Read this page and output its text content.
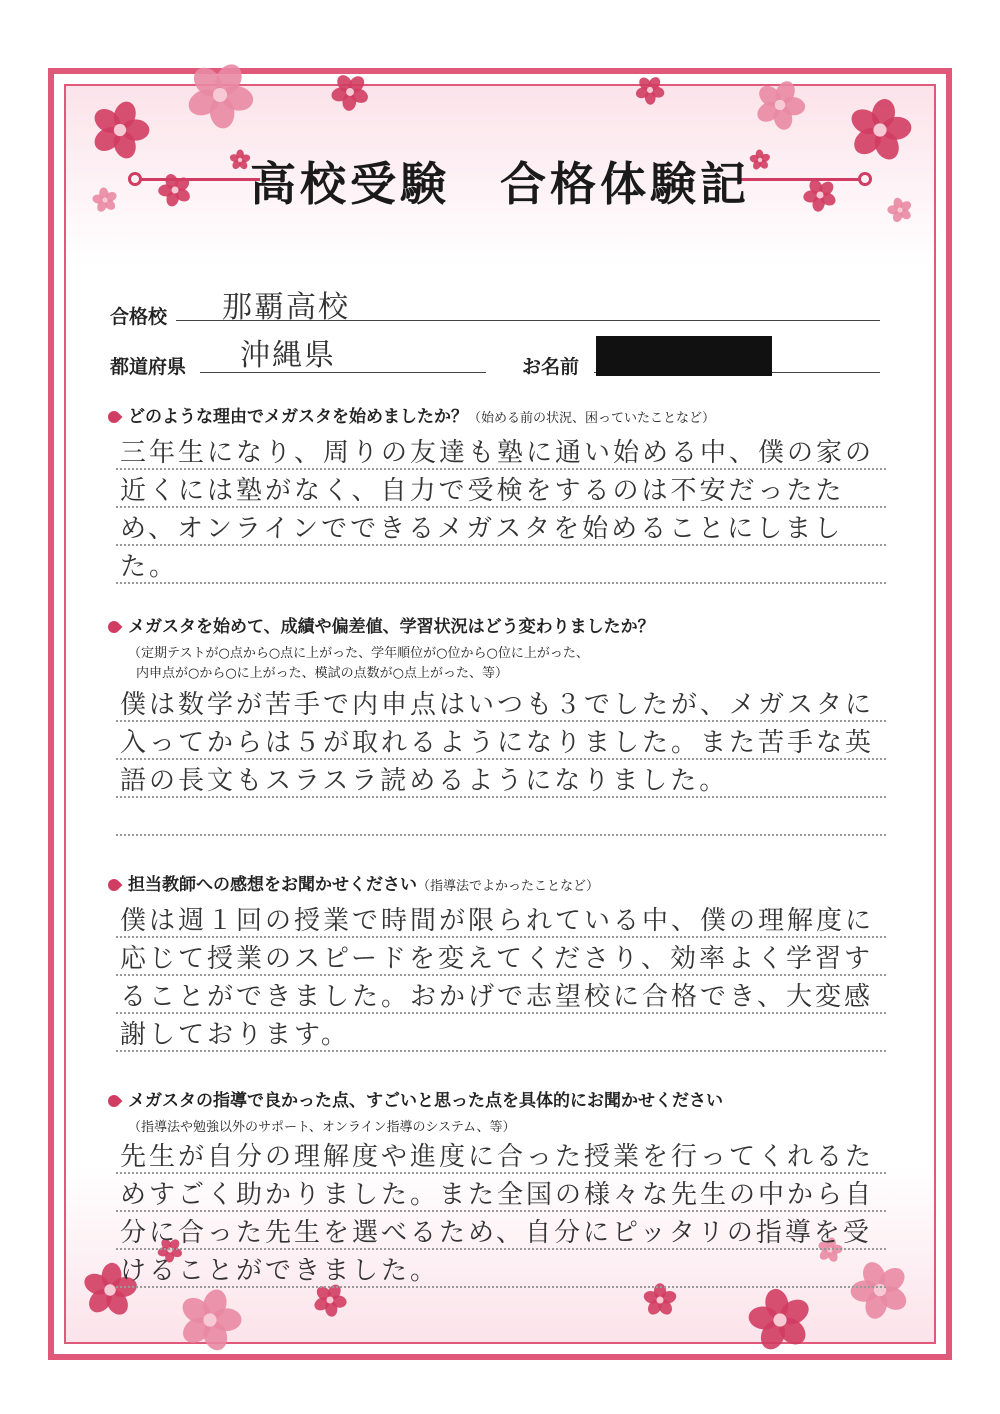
高校受験　合格体験記
合格校 那覇高校
都道府県 沖縄県	お名前
どのような理由でメガスタを始めましたか？（始める前の状況、困っていたことなど）
三年生になり、周りの友達も塾に通い始める中、僕の家の近くには塾がなく、自力で受検をするのは不安だったため、オンラインでできるメガスタを始めることにしました。
メガスタを始めて、成績や偏差値、学習状況はどう変わりましたか？
（定期テストが○点から○点に上がった、学年順位が○位から○位に上がった、
内申点が○から○に上がった、模試の点数が○点上がった、等）
僕は数学が苦手で内申点はいつも３でしたが、メガスタに入ってからは５が取れるようになりました。また苦手な英語の長文もスラスラ読めるようになりました。
担当教師への感想をお聞かせください（指導法でよかったことなど）
僕は週１回の授業で時間が限られている中、僕の理解度に応じて授業のスピードを変えてくださり、効率よく学習することができました。おかげで志望校に合格でき、大変感謝しております。
メガスタの指導で良かった点、すごいと思った点を具体的にお聞かせください
（指導法や勉強以外のサポート、オンライン指導のシステム、等）
先生が自分の理解度や進度に合った授業を行ってくれるためすごく助かりました。また全国の様々な先生の中から自分に合った先生を選べるため、自分にピッタリの指導を受けることができました。
